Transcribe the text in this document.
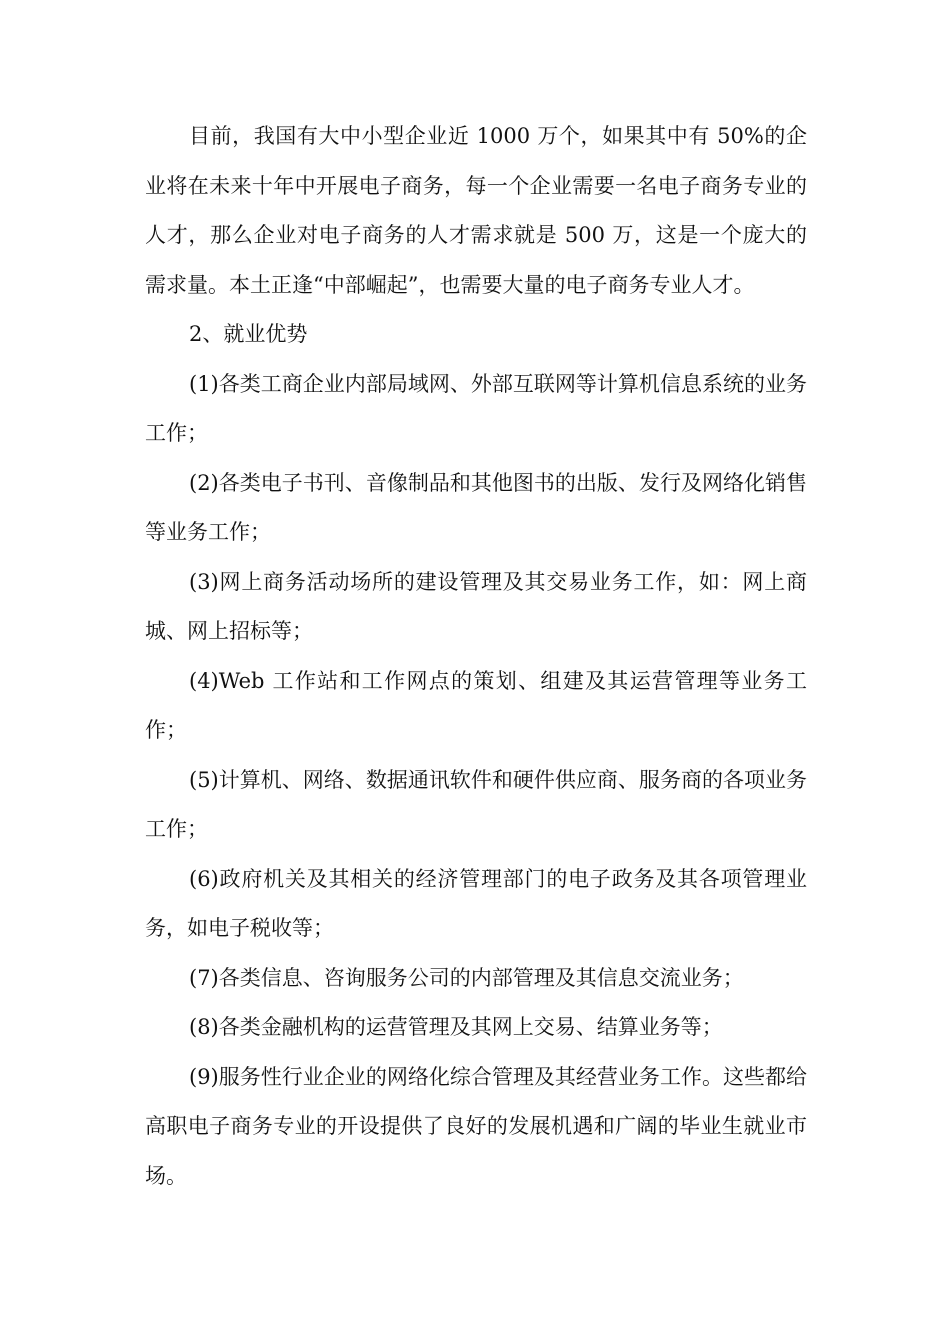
目前，我国有大中小型企业近 1000 万个，如果其中有 50%的企业将在未来十年中开展电子商务，每一个企业需要一名电子商务专业的人才，那么企业对电子商务的人才需求就是 500 万，这是一个庞大的需求量。本土正逢“中部崛起”，也需要大量的电子商务专业人才。

2、就业优势

(1)各类工商企业内部局域网、外部互联网等计算机信息系统的业务工作；

(2)各类电子书刊、音像制品和其他图书的出版、发行及网络化销售等业务工作；

(3)网上商务活动场所的建设管理及其交易业务工作，如：网上商城、网上招标等；

(4)Web 工作站和工作网点的策划、组建及其运营管理等业务工作；

(5)计算机、网络、数据通讯软件和硬件供应商、服务商的各项业务工作；

(6)政府机关及其相关的经济管理部门的电子政务及其各项管理业务，如电子税收等；

(7)各类信息、咨询服务公司的内部管理及其信息交流业务；

(8)各类金融机构的运营管理及其网上交易、结算业务等；

(9)服务性行业企业的网络化综合管理及其经营业务工作。这些都给高职电子商务专业的开设提供了良好的发展机遇和广阔的毕业生就业市场。
